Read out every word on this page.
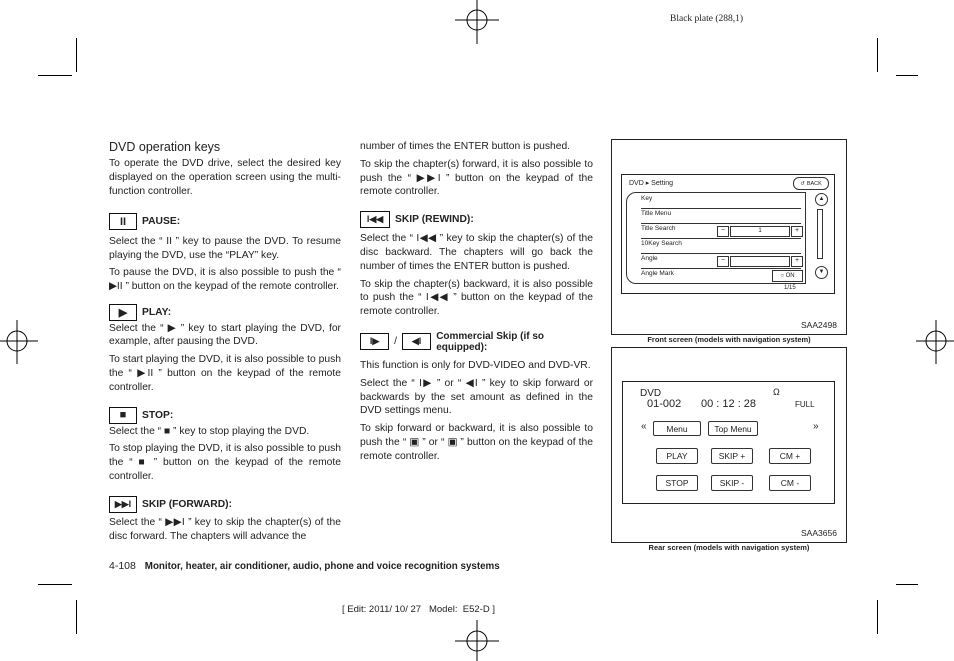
Black plate (288,1)
DVD operation keys

To operate the DVD drive, select the desired key displayed on the operation screen using the multi-function controller.

II	PAUSE:

Select the “ II ” key to pause the DVD. To resume playing the DVD, use the “PLAY” key.

To pause the DVD, it is also possible to push the “ ▶II ” button on the keypad of the remote controller.

▶	PLAY:

Select the “ ▶ ” key to start playing the DVD, for example, after pausing the DVD.

To start playing the DVD, it is also possible to push the “ ▶II ” button on the keypad of the remote controller.

■	STOP:

Select the “ ■ ” key to stop playing the DVD.

To stop playing the DVD, it is also possible to push the “ ■ ” button on the keypad of the remote controller.

▶▶I	SKIP (FORWARD):

Select the “ ▶▶I ” key to skip the chapter(s) of the disc forward. The chapters will advance the

number of times the ENTER button is pushed.

To skip the chapter(s) forward, it is also possible to push the “ ▶▶I ” button on the keypad of the remote controller.

I◀◀	SKIP (REWIND):

Select the “ I◀◀ ” key to skip the chapter(s) of the disc backward. The chapters will go back the number of times the ENTER button is pushed.

To skip the chapter(s) backward, it is also possible to push the “ I◀◀ ” button on the keypad of the remote controller.

I▶	/	◀I	Commercial Skip (if so equipped):

This function is only for DVD-VIDEO and DVD-VR.

Select the “ I▶ ” or “ ◀I ” key to skip forward or backwards by the set amount as defined in the DVD settings menu.

To skip forward or backward, it is also possible to push the “ ▣ ” or “ ▣ ” button on the keypad of the remote controller.

DVD ▸ Setting	↺ BACK
Key
Title Menu
Title Search	−	1	+
10Key Search
Angle	−	+
Angle Mark	○ ON
▲
▼
1/15
SAA2498
Front screen (models with navigation system)
DVD	Ω
01-002 00 : 12 : 28	FULL
«	Menu	Top Menu	»
PLAY	SKIP +	CM +
STOP	SKIP -	CM -
SAA3656
Rear screen (models with navigation system)
4-108 Monitor, heater, air conditioner, audio, phone and voice recognition systems
[ Edit: 2011/ 10/ 27   Model:  E52-D ]
